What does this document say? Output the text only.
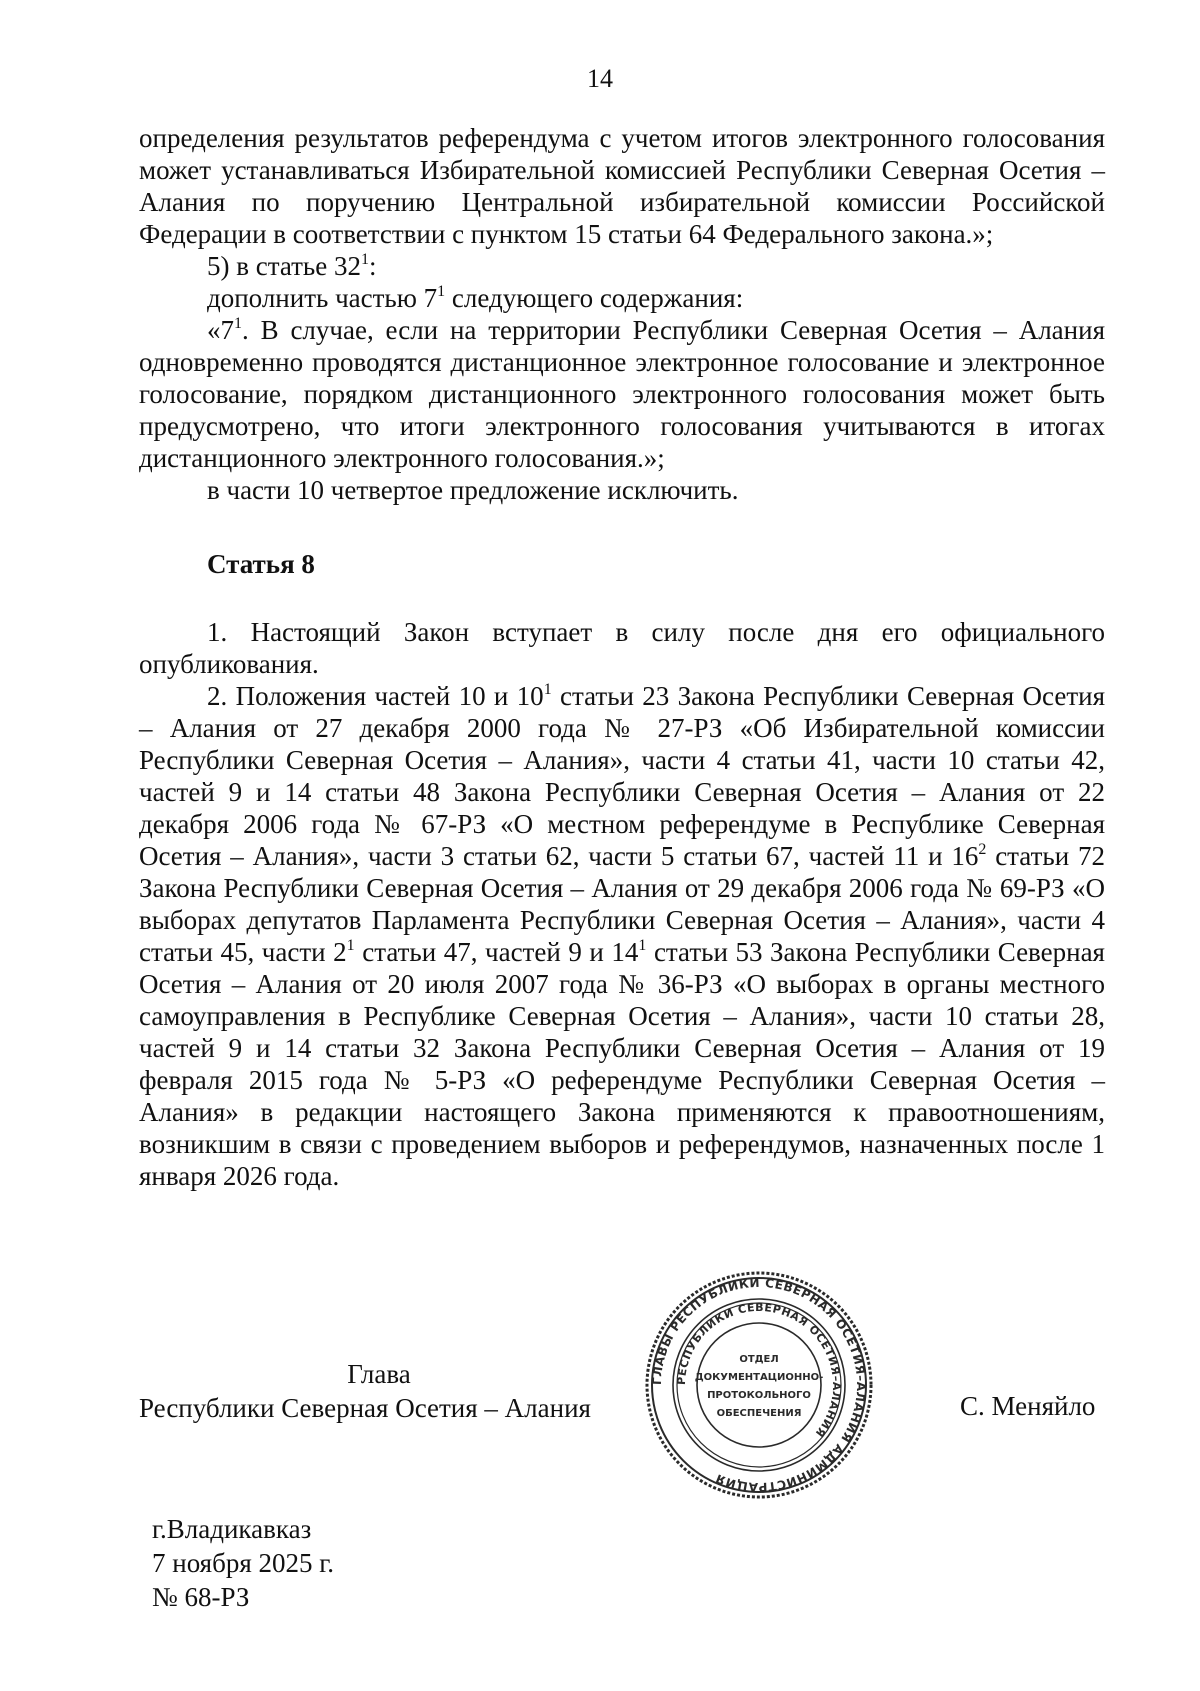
14

определения результатов референдума с учетом итогов электронного голосования может устанавливаться Избирательной комиссией Республики Северная Осетия – Алания по поручению Центральной избирательной комиссии Российской Федерации в соответствии с пунктом 15 статьи 64 Федерального закона.»;

5) в статье $32^1$:

дополнить частью $7^1$ следующего содержания:

«$7^1$. В случае, если на территории Республики Северная Осетия – Алания одновременно проводятся дистанционное электронное голосование и электронное голосование, порядком дистанционного электронного голосования может быть предусмотрено, что итоги электронного голосования учитываются в итогах дистанционного электронного голосования.»;

в части 10 четвертое предложение исключить.

Статья 8

1. Настоящий Закон вступает в силу после дня его официального опубликования.

2. Положения частей 10 и $10^1$ статьи 23 Закона Республики Северная Осетия – Алания от 27 декабря 2000 года № 27-РЗ «Об Избирательной комиссии Республики Северная Осетия – Алания», части 4 статьи 41, части 10 статьи 42, частей 9 и 14 статьи 48 Закона Республики Северная Осетия – Алания от 22 декабря 2006 года № 67-РЗ «О местном референдуме в Республике Северная Осетия – Алания», части 3 статьи 62, части 5 статьи 67, частей 11 и $16^2$ статьи 72 Закона Республики Северная Осетия – Алания от 29 декабря 2006 года № 69-РЗ «О выборах депутатов Парламента Республики Северная Осетия – Алания», части 4 статьи 45, части $2^1$ статьи 47, частей 9 и $14^1$ статьи 53 Закона Республики Северная Осетия – Алания от 20 июля 2007 года № 36-РЗ «О выборах в органы местного самоуправления в Республике Северная Осетия – Алания», части 10 статьи 28, частей 9 и 14 статьи 32 Закона Республики Северная Осетия – Алания от 19 февраля 2015 года № 5-РЗ «О референдуме Республики Северная Осетия – Алания» в редакции настоящего Закона применяются к правоотношениям, возникшим в связи с проведением выборов и референдумов, назначенных после 1 января 2026 года.

Глава
Республики Северная Осетия – Алания
ГЛАВЫ РЕСПУБЛИКИ СЕВЕРНАЯ ОСЕТИЯ–АЛАНИЯ АДМИНИСТРАЦИЯ
РЕСПУБЛИКИ СЕВЕРНАЯ ОСЕТИЯ–АЛАНИЯ
ОТДЕЛ
ДОКУМЕНТАЦИОННО-
ПРОТОКОЛЬНОГО
ОБЕСПЕЧЕНИЯ	С. Меняйло
г.Владикавказ
7 ноября 2025 г.
№ 68-РЗ
